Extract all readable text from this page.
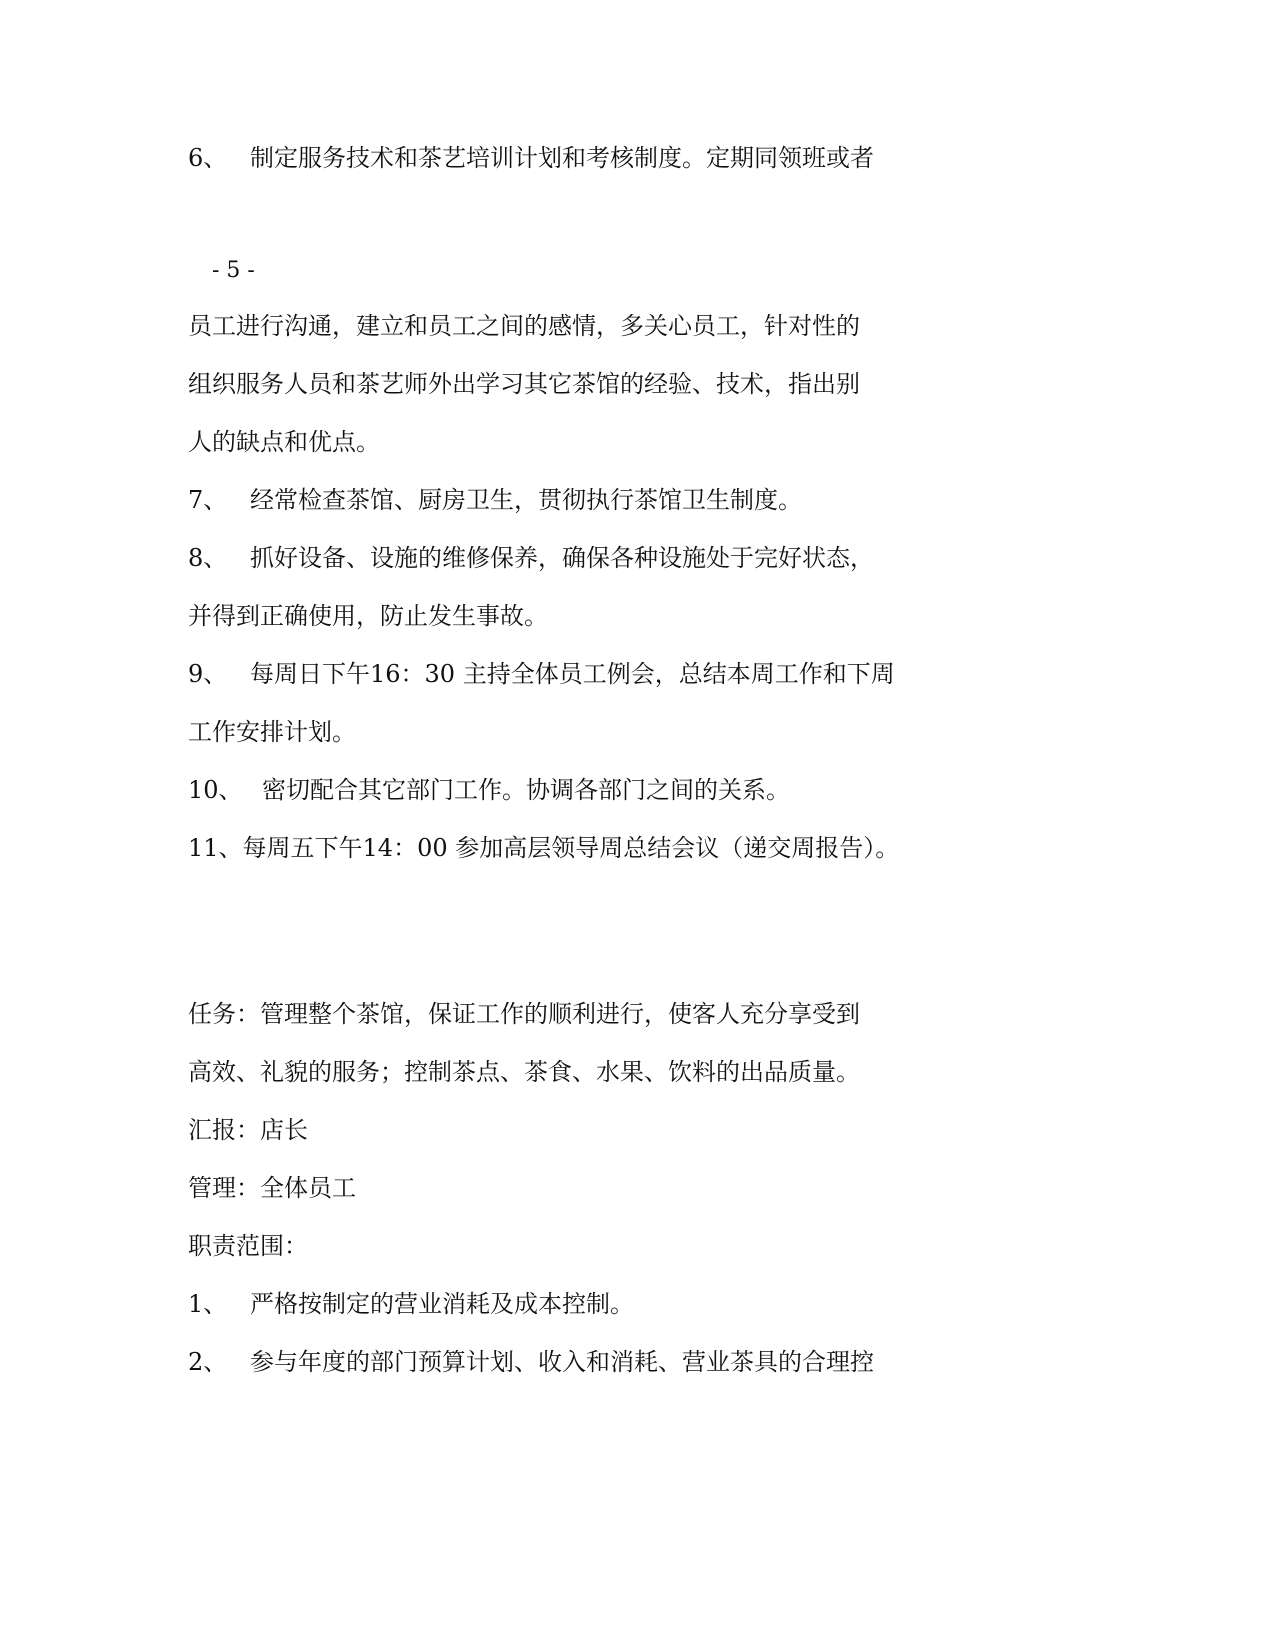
6、 制定服务技术和茶艺培训计划和考核制度。定期同领班或者

- 5 -

员工进行沟通，建立和员工之间的感情，多关心员工，针对性的

组织服务人员和茶艺师外出学习其它茶馆的经验、技术，指出别

人的缺点和优点。

7、 经常检查茶馆、厨房卫生，贯彻执行茶馆卫生制度。

8、 抓好设备、设施的维修保养，确保各种设施处于完好状态，

并得到正确使用，防止发生事故。

9、 每周日下午16：30 主持全体员工例会，总结本周工作和下周

工作安排计划。

10、 密切配合其它部门工作。协调各部门之间的关系。

11、每周五下午14：00 参加高层领导周总结会议（递交周报告）。

任务：管理整个茶馆，保证工作的顺利进行，使客人充分享受到

高效、礼貌的服务；控制茶点、茶食、水果、饮料的出品质量。

汇报：店长

管理：全体员工

职责范围：

1、 严格按制定的营业消耗及成本控制。

2、 参与年度的部门预算计划、收入和消耗、营业茶具的合理控
